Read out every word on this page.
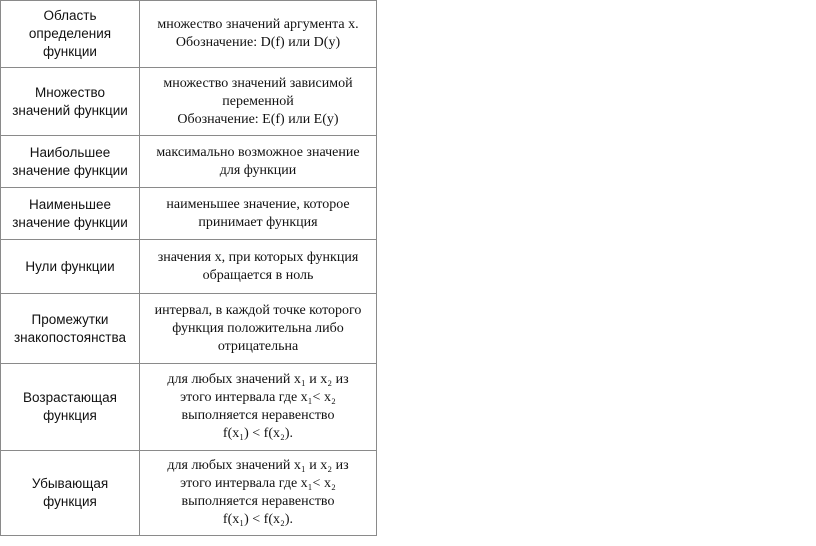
Область
определения
функции	множество значений аргумента x.
Обозначение: D(f) или D(y)

Множество
значений функции	множество значений зависимой
переменной
Обозначение: E(f) или E(y)

Наибольшее
значение функции	максимально возможное значение
для функции

Наименьшее
значение функции	наименьшее значение, которое
принимает функция

Нули функции	значения x, при которых функция
обращается в ноль

Промежутки
знакопостоянства	интервал, в каждой точке которого
функция положительна либо
отрицательна

Возрастающая
функция	для любых значений x₁ и x₂ из
этого интервала где x₁< x₂
выполняется неравенство
f(x₁) < f(x₂).

Убывающая
функция	для любых значений x₁ и x₂ из
этого интервала где x₁< x₂
выполняется неравенство
f(x₁) < f(x₂).
